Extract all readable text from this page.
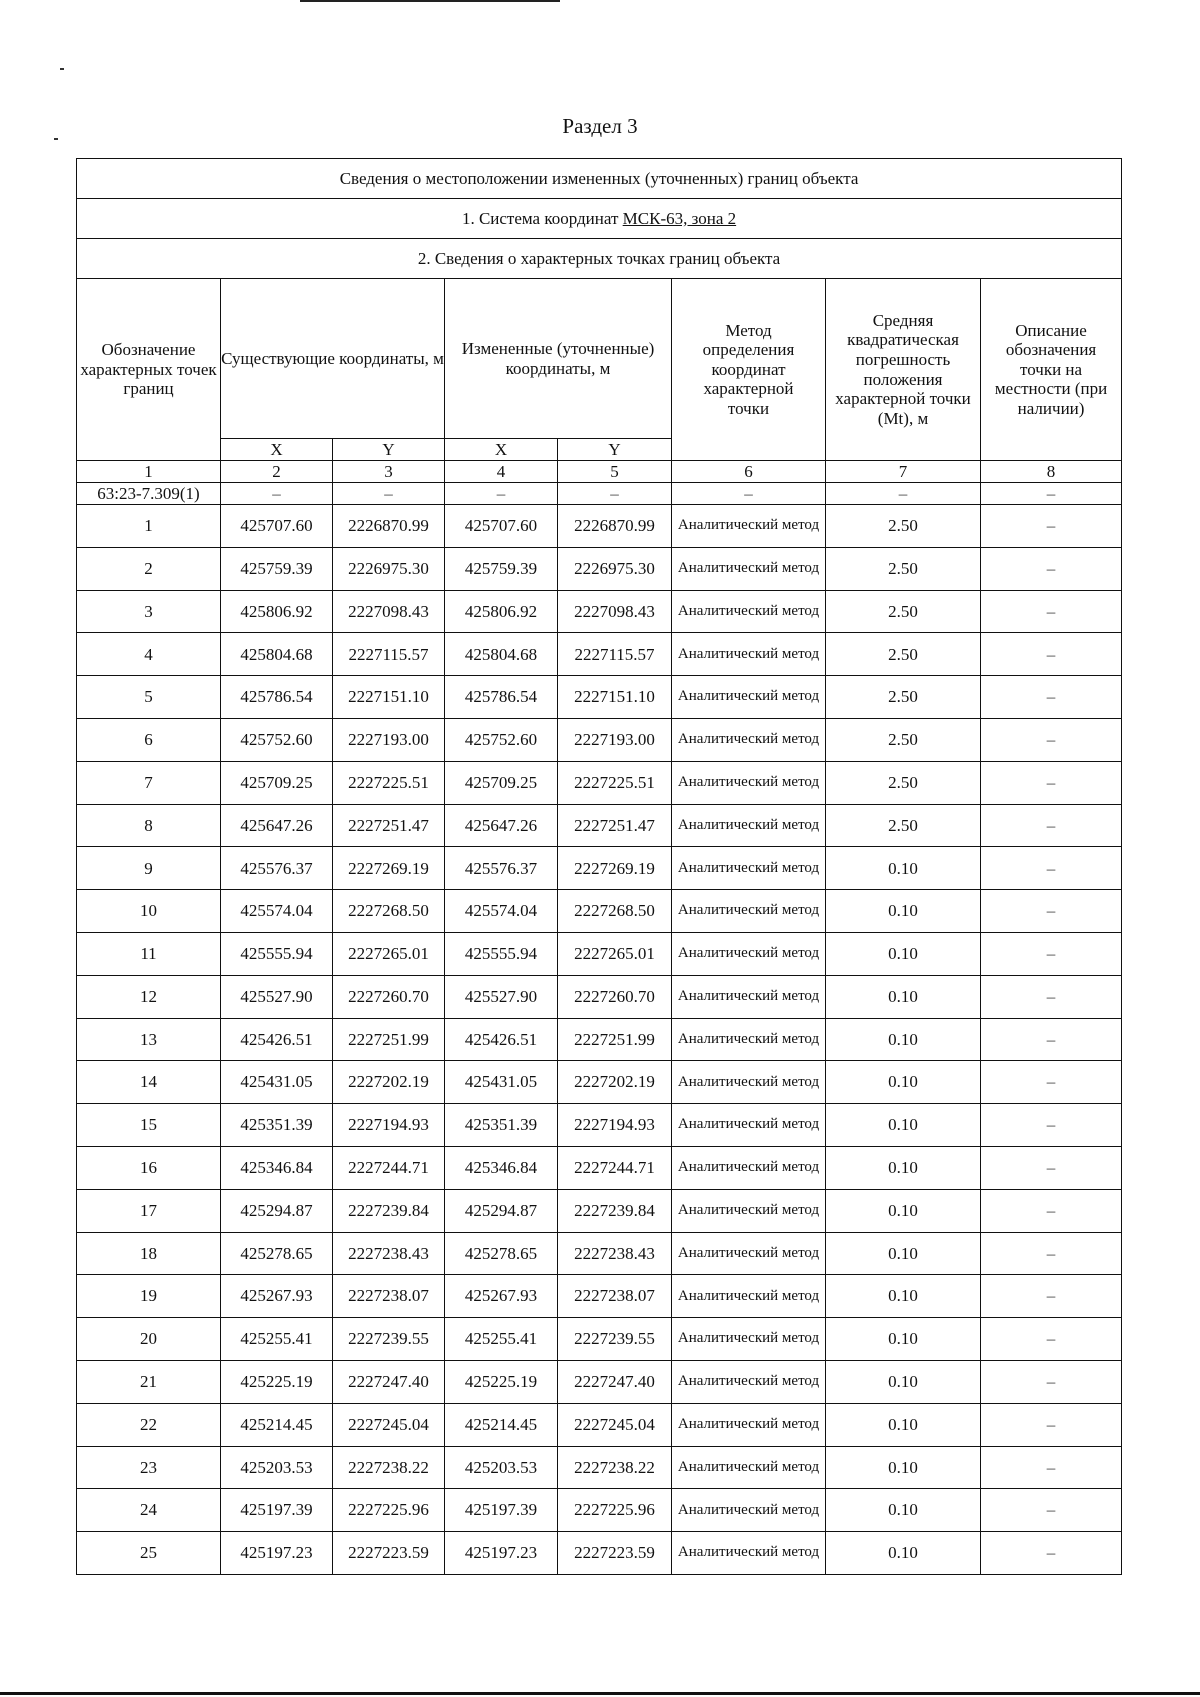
Раздел 3
Сведения о местоположении измененных (уточненных) границ объекта							
1. Система координат МСК-63, зона 2							
2. Сведения о характерных точках границ объекта							
Обозначение характерных точек границ	Существующие координаты, м		Измененные (уточненные) координаты, м		Метод определения координат характерной точки	Средняя квадратическая погрешность положения характерной точки (Мt), м	Описание обозначения точки на местности (при наличии)
	X	Y	X	Y			
1	2	3	4	5	6	7	8
63:23-7.309(1)	–	–	–	–	–	–	–
1	425707.60	2226870.99	425707.60	2226870.99	Аналитический метод	2.50	–
2	425759.39	2226975.30	425759.39	2226975.30	Аналитический метод	2.50	–
3	425806.92	2227098.43	425806.92	2227098.43	Аналитический метод	2.50	–
4	425804.68	2227115.57	425804.68	2227115.57	Аналитический метод	2.50	–
5	425786.54	2227151.10	425786.54	2227151.10	Аналитический метод	2.50	–
6	425752.60	2227193.00	425752.60	2227193.00	Аналитический метод	2.50	–
7	425709.25	2227225.51	425709.25	2227225.51	Аналитический метод	2.50	–
8	425647.26	2227251.47	425647.26	2227251.47	Аналитический метод	2.50	–
9	425576.37	2227269.19	425576.37	2227269.19	Аналитический метод	0.10	–
10	425574.04	2227268.50	425574.04	2227268.50	Аналитический метод	0.10	–
11	425555.94	2227265.01	425555.94	2227265.01	Аналитический метод	0.10	–
12	425527.90	2227260.70	425527.90	2227260.70	Аналитический метод	0.10	–
13	425426.51	2227251.99	425426.51	2227251.99	Аналитический метод	0.10	–
14	425431.05	2227202.19	425431.05	2227202.19	Аналитический метод	0.10	–
15	425351.39	2227194.93	425351.39	2227194.93	Аналитический метод	0.10	–
16	425346.84	2227244.71	425346.84	2227244.71	Аналитический метод	0.10	–
17	425294.87	2227239.84	425294.87	2227239.84	Аналитический метод	0.10	–
18	425278.65	2227238.43	425278.65	2227238.43	Аналитический метод	0.10	–
19	425267.93	2227238.07	425267.93	2227238.07	Аналитический метод	0.10	–
20	425255.41	2227239.55	425255.41	2227239.55	Аналитический метод	0.10	–
21	425225.19	2227247.40	425225.19	2227247.40	Аналитический метод	0.10	–
22	425214.45	2227245.04	425214.45	2227245.04	Аналитический метод	0.10	–
23	425203.53	2227238.22	425203.53	2227238.22	Аналитический метод	0.10	–
24	425197.39	2227225.96	425197.39	2227225.96	Аналитический метод	0.10	–
25	425197.23	2227223.59	425197.23	2227223.59	Аналитический метод	0.10	–
